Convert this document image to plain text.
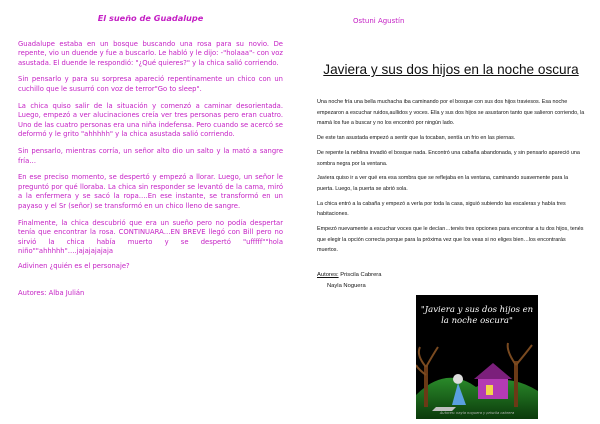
El sueño de Guadalupe

Guadalupe estaba en un bosque buscando una rosa para su novio. De repente, vio un duende y fue a buscarlo. Le habló y le dijo: -"holaaa"- con voz asustada. El duende le respondió: "¿Qué quieres?" y la chica salió corriendo.

Sin pensarlo y para su sorpresa apareció repentinamente un chico con un cuchillo que le susurró con voz de terror"Go to sleep".

La chica quiso salir de la situación y comenzó a caminar desorientada. Luego, empezó a ver alucinaciones creía ver tres personas pero eran cuatro. Uno de las cuatro personas era una niña indefensa. Pero cuando se acercó se deformó y le grito "ahhhhh" y la chica asustada salió corriendo.

Sin pensarlo, mientras corría, un señor alto dio un salto y la mató a sangre fría…

En ese preciso momento, se despertó y empezó a llorar. Luego, un señor le preguntó por qué lloraba. La chica sin responder se levantó de la cama, miró a la enfermera y se sacó la ropa….En ese instante, se transformó en un payaso y el Sr (señor) se transformó en un chico lleno de sangre.

Finalmente, la chica descubrió que era un sueño pero no podía despertar tenía que encontrar la rosa. CONTINUARA…EN BREVE llegó con Bill pero no sirvió la chica había muerto y se despertó "ufffff""hola niño""ahhhhh"….jajajajajaja

Adivinen ¿quién es el personaje?

Autores: Alba Julián
Ostuni Agustín
Javiera y sus dos hijos en la noche oscura

Una noche fría una bella muchacha iba caminando por el bosque con sus dos hijos traviesos. Esa noche empezaron a escuchar ruidos,aullidos y voces. Ella y sus dos hijos se asustaron tanto que salieron corriendo, la mamá los fue a buscar y no los encontró por ningún lado.

De este tan asustada empezó a sentir que la tocaban, sentía un frio en las piernas.

De repente la neblina invadió el bosque nada. Encontró una cabaña abandonada, y sin pensarlo apareció una sombra negra por la ventana.

Javiera quiso ir a ver qué era esa sombra que se reflejaba en la ventana, caminando suavemente para la puerta. Luego, la puerta se abrió sola.

La chica entró a la cabaña y empezó a verla por toda la casa, siguió subiendo las escaleras y había tres habitaciones.

Empezó nuevamente a escuchar voces que le decían…tenés tres opciones para encontrar a tu dos hijos, tenés que elegir la opción correcta porque para la próxima vez que los veas si no eliges bien…los encontrarás muertos.

Autores: Priscila Cabrera
Nayla Noguera
"Javiera y sus dos hijos en la noche oscura"
Autores: nayla noguera y priscila cabrera
